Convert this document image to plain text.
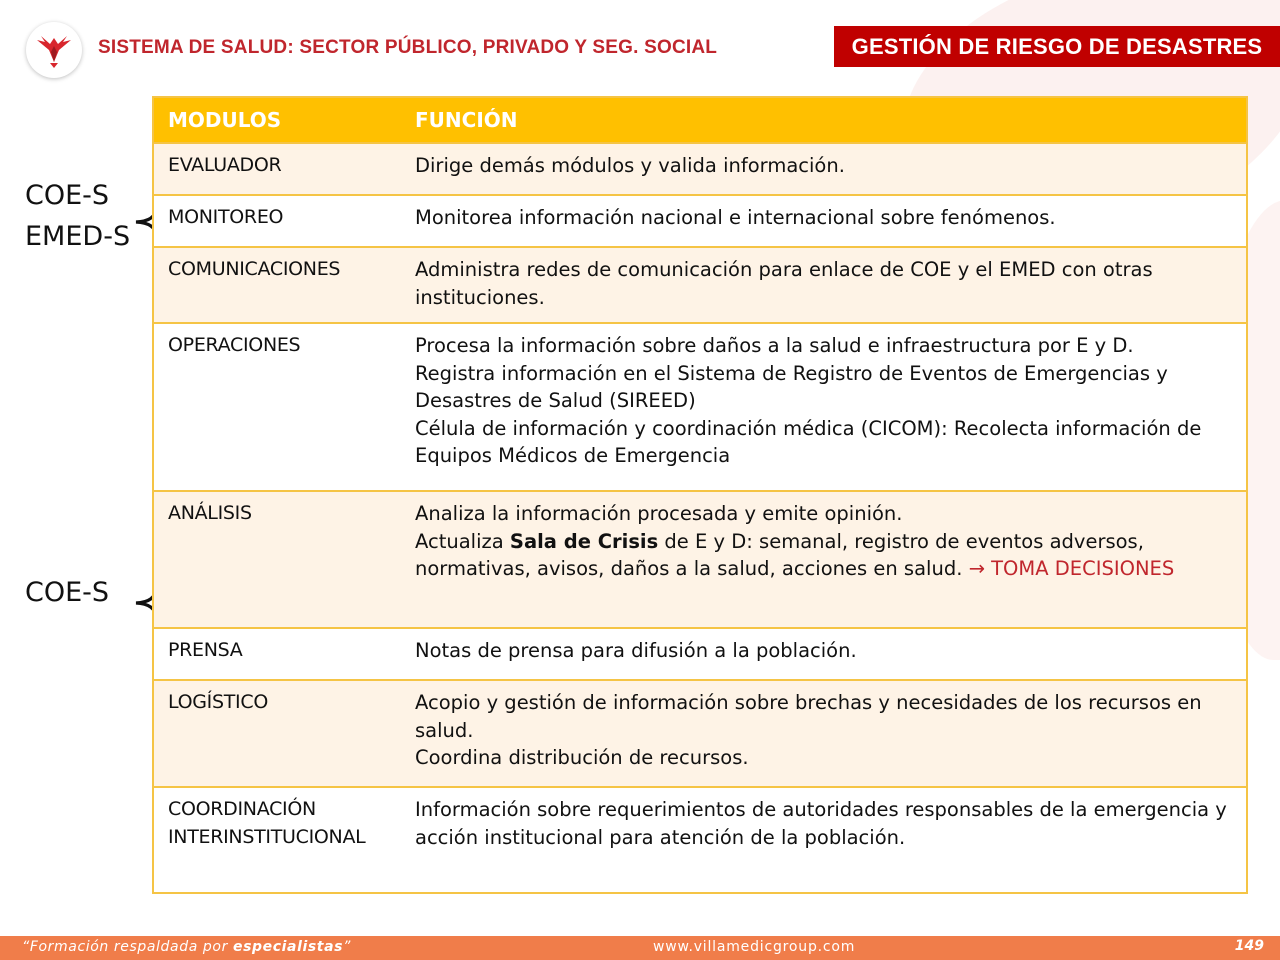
SISTEMA DE SALUD: SECTOR PÚBLICO, PRIVADO Y SEG. SOCIAL	GESTIÓN DE RIESGO DE DESASTRES
COE-S
EMED-S
COE-S
MODULOS	FUNCIÓN
EVALUADOR	Dirige demás módulos y valida información.
MONITOREO	Monitorea información nacional e internacional sobre fenómenos.
COMUNICACIONES	Administra redes de comunicación para enlace de COE y el EMED con otras instituciones.
OPERACIONES	Procesa la información sobre daños a la salud e infraestructura por E y D.
Registra información en el Sistema de Registro de Eventos de Emergencias y Desastres de Salud (SIREED)
Célula de información y coordinación médica (CICOM): Recolecta información de Equipos Médicos de Emergencia

ANÁLISIS	Analiza la información procesada y emite opinión.
Actualiza Sala de Crisis de E y D: semanal, registro de eventos adversos, normativas, avisos, daños a la salud, acciones en salud. → TOMA DECISIONES

PRENSA	Notas de prensa para difusión a la población.
LOGÍSTICO	Acopio y gestión de información sobre brechas y necesidades de los recursos en salud.
Coordina distribución de recursos.

COORDINACIÓN
INTERINSTITUCIONAL	Información sobre requerimientos de autoridades responsables de la emergencia y acción institucional para atención de la población.
“Formación respaldada por especialistas”	www.villamedicgroup.com	149
